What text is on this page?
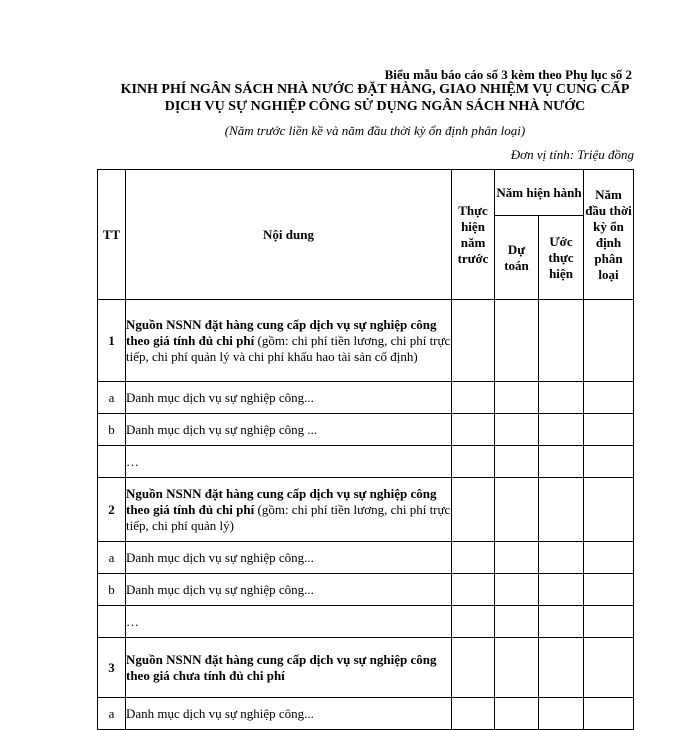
Biểu mẫu báo cáo số 3 kèm theo Phụ lục số 2
KINH PHÍ NGÂN SÁCH NHÀ NƯỚC ĐẶT HÀNG, GIAO NHIỆM VỤ CUNG CẤP
DỊCH VỤ SỰ NGHIỆP CÔNG SỬ DỤNG NGÂN SÁCH NHÀ NƯỚC
(Năm trước liền kề và năm đầu thời kỳ ổn định phân loại)
Đơn vị tính: Triệu đồng
TT	Nội dung	Thực hiện năm trước	Năm hiện hành		Năm đầu thời kỳ ổn định phân loại
			Dự toán	Ước thực hiện	
1	Nguồn NSNN đặt hàng cung cấp dịch vụ sự nghiệp công theo giá tính đủ chi phí (gồm: chi phí tiền lương, chi phí trực tiếp, chi phí quản lý và chi phí khấu hao tài sản cố định)				
a	Danh mục dịch vụ sự nghiệp công...				
b	Danh mục dịch vụ sự nghiệp công ...				
	…				
2	Nguồn NSNN đặt hàng cung cấp dịch vụ sự nghiệp công theo giá tính đủ chi phí (gồm: chi phí tiền lương, chi phí trực tiếp, chi phí quản lý)				
a	Danh mục dịch vụ sự nghiệp công...				
b	Danh mục dịch vụ sự nghiệp công...				
	…				
3	Nguồn NSNN đặt hàng cung cấp dịch vụ sự nghiệp công theo giá chưa tính đủ chi phí				
a	Danh mục dịch vụ sự nghiệp công...				
